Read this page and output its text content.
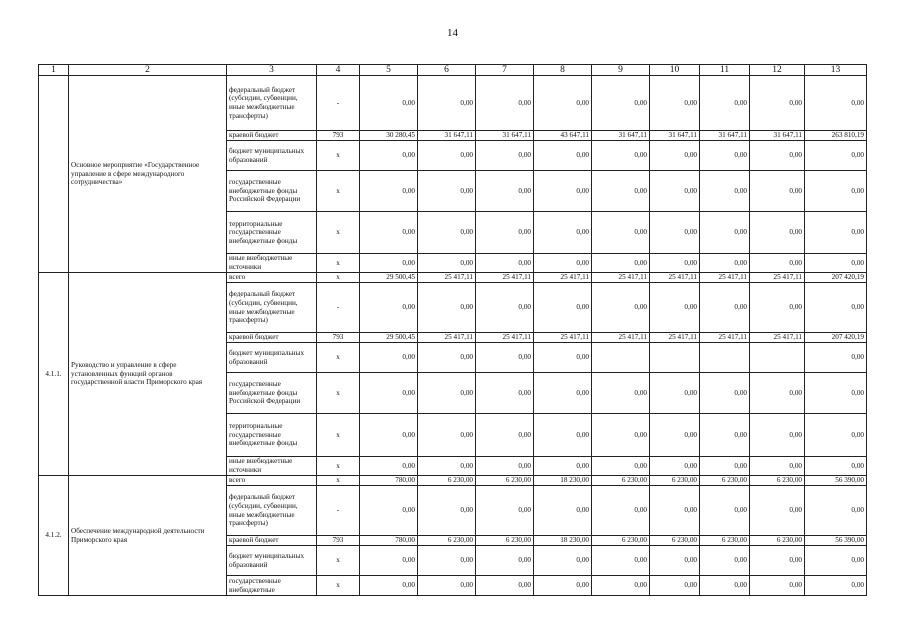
14
1	2	3	4	5	6	7	8	9	10	11	12	13
	Основное мероприятие «Государственное управление в сфере международного сотрудничества»	федеральный бюджет (субсидии, субвенции, иные межбюджетные трансферты)	-	0,00	0,00	0,00	0,00	0,00	0,00	0,00	0,00	0,00
		краевой бюджет	793	30 280,45	31 647,11	31 647,11	43 647,11	31 647,11	31 647,11	31 647,11	31 647,11	263 810,19
		бюджет муниципальных образований	х	0,00	0,00	0,00	0,00	0,00	0,00	0,00	0,00	0,00
		государственные внебюджетные фонды Российской Федерации	х	0,00	0,00	0,00	0,00	0,00	0,00	0,00	0,00	0,00
		территориальные государственные внебюджетные фонды	х	0,00	0,00	0,00	0,00	0,00	0,00	0,00	0,00	0,00
		иные внебюджетные источники	х	0,00	0,00	0,00	0,00	0,00	0,00	0,00	0,00	0,00
4.1.1.	Руководство и управление в сфере установленных функций органов государственной власти Приморского края	всего	х	29 500,45	25 417,11	25 417,11	25 417,11	25 417,11	25 417,11	25 417,11	25 417,11	207 420,19
		федеральный бюджет (субсидии, субвенции, иные межбюджетные трансферты)	-	0,00	0,00	0,00	0,00	0,00	0,00	0,00	0,00	0,00
		краевой бюджет	793	29 500,45	25 417,11	25 417,11	25 417,11	25 417,11	25 417,11	25 417,11	25 417,11	207 420,19
		бюджет муниципальных образований	х	0,00	0,00	0,00	0,00					0,00
		государственные внебюджетные фонды Российской Федерации	х	0,00	0,00	0,00	0,00	0,00	0,00	0,00	0,00	0,00
		территориальные государственные внебюджетные фонды	х	0,00	0,00	0,00	0,00	0,00	0,00	0,00	0,00	0,00
		иные внебюджетные источники	х	0,00	0,00	0,00	0,00	0,00	0,00	0,00	0,00	0,00
4.1.2.	Обеспечение международной деятельности Приморского края	всего	х	780,00	6 230,00	6 230,00	18 230,00	6 230,00	6 230,00	6 230,00	6 230,00	56 390,00
		федеральный бюджет (субсидии, субвенции, иные межбюджетные трансферты)	-	0,00	0,00	0,00	0,00	0,00	0,00	0,00	0,00	0,00
		краевой бюджет	793	780,00	6 230,00	6 230,00	18 230,00	6 230,00	6 230,00	6 230,00	6 230,00	56 390,00
		бюджет муниципальных образований	х	0,00	0,00	0,00	0,00	0,00	0,00	0,00	0,00	0,00
		государственные внебюджетные	х	0,00	0,00	0,00	0,00	0,00	0,00	0,00	0,00	0,00
